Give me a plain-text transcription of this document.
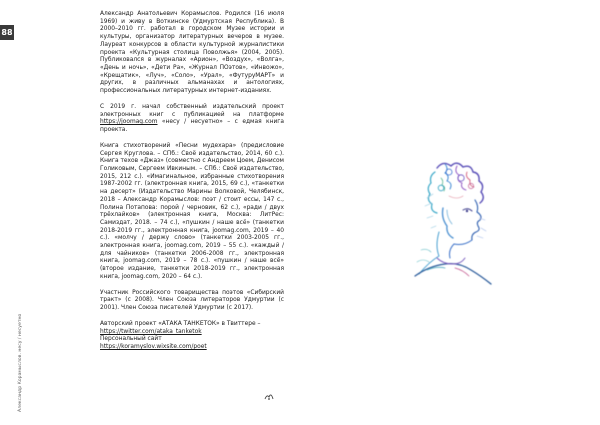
88
Александр Корамыслов. несу / несуетно

Александр Анатольевич Корамыслов. Родился (16 июля 1969) и живу в Воткинске (Удмуртская Республика). В 2000–2010 гг. работал в городском Музее истории и культуры, организатор литературных вечеров в музее. Лауреат конкурсов в области культурной журналистики проекта «Культурная столица Поволжья» (2004, 2005). Публиковался в журналах «Арион», «Воздух», «Волга», «День и ночь», «Дети Ра», «Журнал ПОэтов», «Инвожо», «Крещатик», «Луч», «Соло», «Урал», «ФутуруМАРТ» и других, в различных альманахах и антологиях, профессиональных литературных интернет-изданиях.

С 2019 г. начал собственный издательский проект электронных книг с публикацией на платформе https://joomag.com «несу / несуетно» – с едмая книга проекта.

Книга стихотворений «Песни мудехара» (предисловие Сергея Круглова. – СПб.: Своё издательство, 2014, 60 с.). Книга техов «Джаз» (совместно с Андреем Цоем, Денисом Голиковым, Сергеем Ивкиным. – СПб.: Своё издательство, 2015, 212 с.). «Имагинальное, избранные стихотворения 1987-2002 гг. (электронная книга, 2015, 69 с.), «танкетки на десерт» (Издательство Марины Волковой, Челябинск, 2018 – Александр Корамыслов: поэт / стоит ессы, 147 с., Полина Потапова: порой / черновик, 62 с.), «ради / двух трёхлайков» (электронная книга, Москва: ЛитРес: Самиздат, 2018. – 74 с.), «пушкин / наше всё» (танкетки 2018-2019 гг., электронная книга, joomag.com, 2019 – 40 с.). «молчу / держу слово» (танкетки 2003-2005 гг., электронная книга, joomag.com, 2019 – 55 с.). «каждый / для чайников» (танкетки 2006-2008 гг., электронная книга, joomag.com, 2019 – 78 с.). «пушкин / наше всё» (второе издание, танкетки 2018-2019 гг., электронная книга, joomag.com, 2020 – 64 с.).

Участник Российского товарищества поэтов «Сибирский тракт» (с 2008). Член Союза литераторов Удмуртии (с 2001). Член Союза писателей Удмуртии (с 2017).

Авторский проект «АТАКА ТАНКЕТОК» в Твиттере –

https://twitter.com/ataka_tanketok

Персональный сайт

https://koramyslov.wixsite.com/poet
